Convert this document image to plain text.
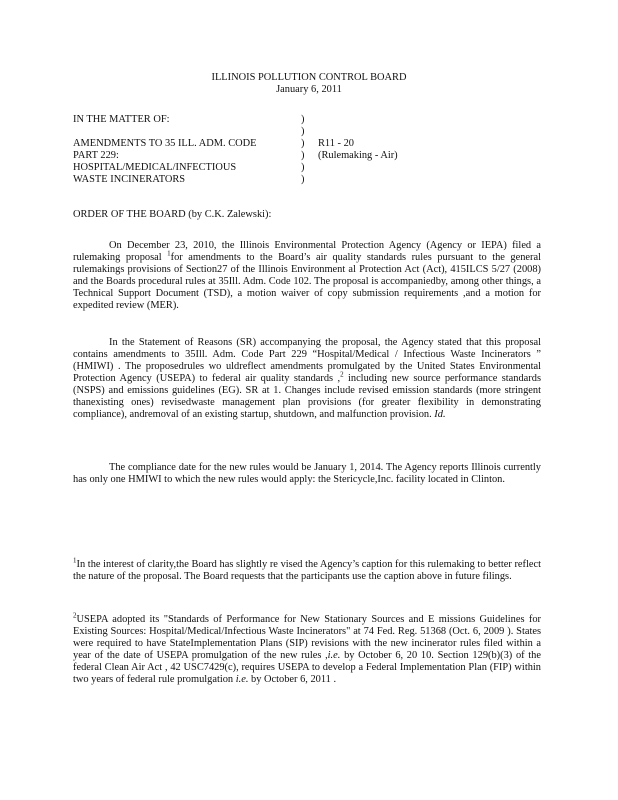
ILLINOIS POLLUTION CONTROL BOARD
January 6, 2011
IN THE MATTER OF:
AMENDMENTS TO 35 ILL. ADM. CODE
PART 229:
HOSPITAL/MEDICAL/INFECTIOUS
WASTE INCINERATORS
)
)
)
)
)
)
R11 - 20
(Rulemaking - Air)
ORDER OF THE BOARD (by C.K. Zalewski):
On December 23, 2010, the Illinois Environmental Protection Agency (Agency or IEPA) filed a rulemaking proposal $^1$for amendments to the Board’s air quality standards rules pursuant to the general rulemakings provisions of Section27 of the Illinois Environment al Protection Act (Act), 415ILCS 5/27 (2008) and the Boards procedural rules at 35Ill. Adm. Code 102. The proposal is accompaniedby, among other things, a Technical Support Document (TSD), a motion waiver of copy submission requirements ,and a motion for expedited review (MER).
In the Statement of Reasons (SR) accompanying the proposal, the Agency stated that this proposal contains amendments to 35Ill. Adm. Code Part 229 “Hospital/Medical / Infectious Waste Incinerators ” (HMIWI) . The proposedrules wo uldreflect amendments promulgated by the United States Environmental Protection Agency (USEPA) to federal air quality standards ,$^2$ including new source performance standards (NSPS) and emissions guidelines (EG). SR at 1. Changes include revised emission standards (more stringent thanexisting ones) revisedwaste management plan provisions (for greater flexibility in demonstrating compliance), andremoval of an existing startup, shutdown, and malfunction provision. Id.
The compliance date for the new rules would be January 1, 2014. The Agency reports Illinois currently has only one HMIWI to which the new rules would apply: the Stericycle,Inc. facility located in Clinton.
$^1$In the interest of clarity,the Board has slightly re vised the Agency’s caption for this rulemaking to better reflect the nature of the proposal. The Board requests that the participants use the caption above in future filings.
$^2$USEPA adopted its "Standards of Performance for New Stationary Sources and E missions Guidelines for Existing Sources: Hospital/Medical/Infectious Waste Incinerators" at 74 Fed. Reg. 51368 (Oct. 6, 2009 ). States were required to have StateImplementation Plans (SIP) revisions with the new incinerator rules filed within a year of the date of USEPA promulgation of the new rules ,i.e. by October 6, 20 10. Section 129(b)(3) of the federal Clean Air Act , 42 USC7429(c), requires USEPA to develop a Federal Implementation Plan (FIP) within two years of federal rule promulgation i.e. by October 6, 2011 .
